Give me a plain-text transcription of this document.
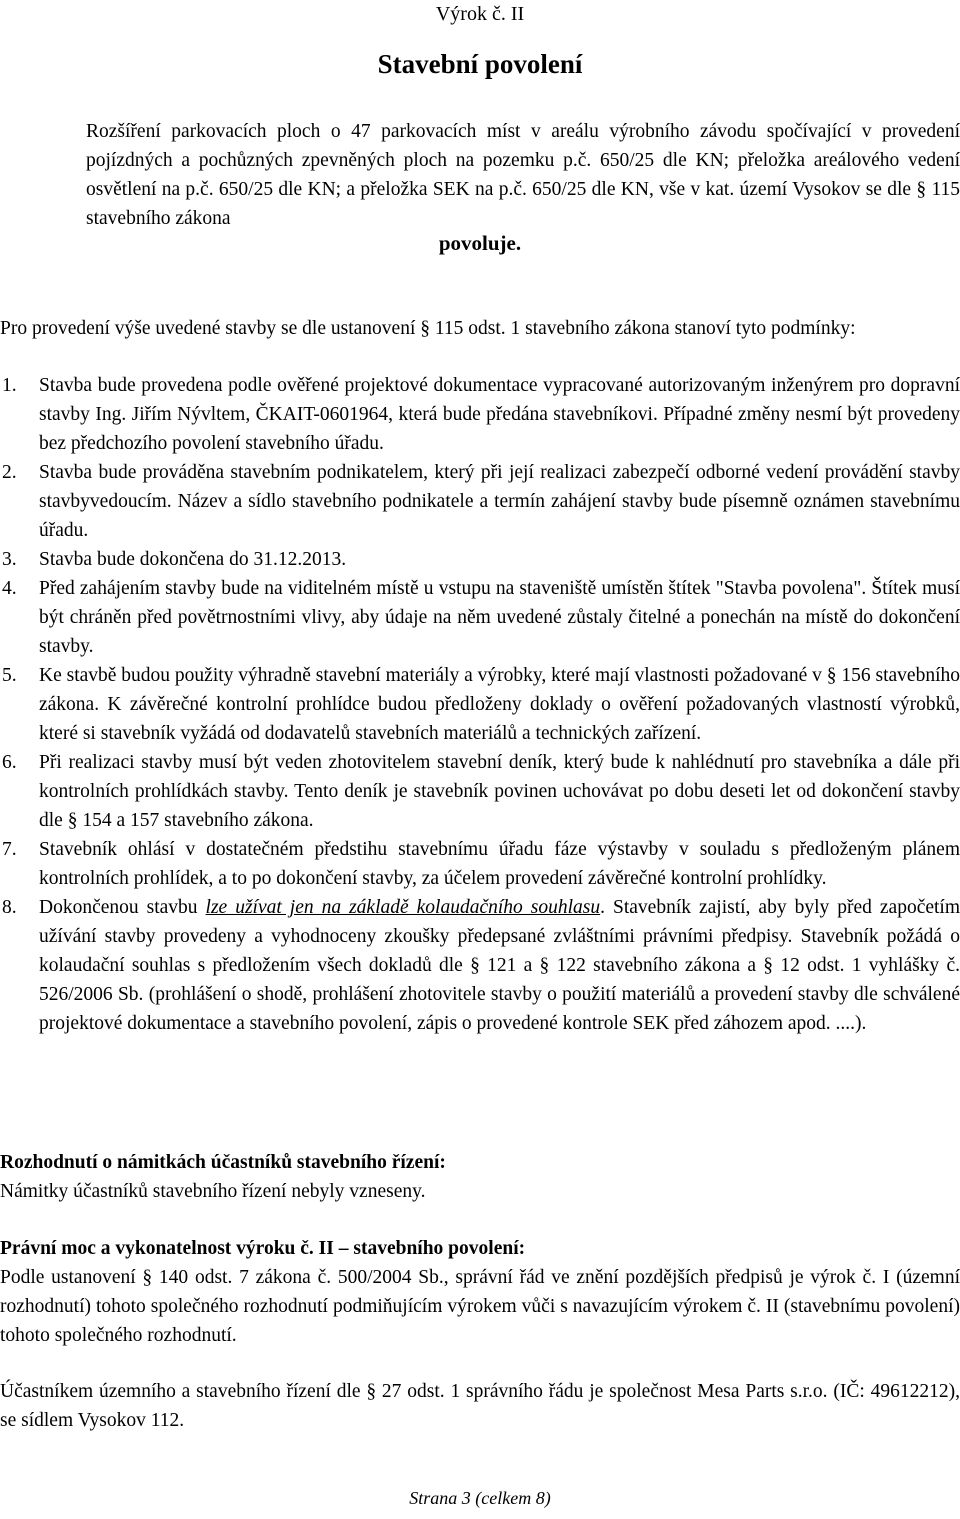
Výrok č. II
Stavební povolení
Rozšíření parkovacích ploch o 47 parkovacích míst v areálu výrobního závodu spočívající v provedení pojízdných a pochůzných zpevněných ploch na pozemku p.č. 650/25 dle KN; přeložka areálového vedení osvětlení na p.č. 650/25 dle KN; a přeložka SEK na p.č. 650/25 dle KN, vše v kat. území Vysokov se dle § 115 stavebního zákona
povoluje.
Pro provedení výše uvedené stavby se dle ustanovení § 115 odst. 1 stavebního zákona stanoví tyto podmínky:
1. Stavba bude provedena podle ověřené projektové dokumentace vypracované autorizovaným inženýrem pro dopravní stavby Ing. Jiřím Nývltem, ČKAIT-0601964, která bude předána stavebníkovi. Případné změny nesmí být provedeny bez předchozího povolení stavebního úřadu.
2. Stavba bude prováděna stavebním podnikatelem, který při její realizaci zabezpečí odborné vedení provádění stavby stavbyvedoucím. Název a sídlo stavebního podnikatele a termín zahájení stavby bude písemně oznámen stavebnímu úřadu.
3. Stavba bude dokončena do 31.12.2013.
4. Před zahájením stavby bude na viditelném místě u vstupu na staveniště umístěn štítek "Stavba povolena". Štítek musí být chráněn před povětrnostními vlivy, aby údaje na něm uvedené zůstaly čitelné a ponechán na místě do dokončení stavby.
5. Ke stavbě budou použity výhradně stavební materiály a výrobky, které mají vlastnosti požadované v § 156 stavebního zákona. K závěrečné kontrolní prohlídce budou předloženy doklady o ověření požadovaných vlastností výrobků, které si stavebník vyžádá od dodavatelů stavebních materiálů a technických zařízení.
6. Při realizaci stavby musí být veden zhotovitelem stavební deník, který bude k nahlédnutí pro stavebníka a dále při kontrolních prohlídkách stavby. Tento deník je stavebník povinen uchovávat po dobu deseti let od dokončení stavby dle § 154 a 157 stavebního zákona.
7. Stavebník ohlásí v dostatečném předstihu stavebnímu úřadu fáze výstavby v souladu s předloženým plánem kontrolních prohlídek, a to po dokončení stavby, za účelem provedení závěrečné kontrolní prohlídky.
8. Dokončenou stavbu lze užívat jen na základě kolaudačního souhlasu. Stavebník zajistí, aby byly před započetím užívání stavby provedeny a vyhodnoceny zkoušky předepsané zvláštními právními předpisy. Stavebník požádá o kolaudační souhlas s předložením všech dokladů dle § 121 a § 122 stavebního zákona a § 12 odst. 1 vyhlášky č. 526/2006 Sb. (prohlášení o shodě, prohlášení zhotovitele stavby o použití materiálů a provedení stavby dle schválené projektové dokumentace a stavebního povolení, zápis o provedené kontrole SEK před záhozem apod. ....).
Rozhodnutí o námitkách účastníků stavebního řízení:
Námitky účastníků stavebního řízení nebyly vzneseny.
Právní moc a vykonatelnost výroku č. II – stavebního povolení:
Podle ustanovení § 140 odst. 7 zákona č. 500/2004 Sb., správní řád ve znění pozdějších předpisů je výrok č. I (územní rozhodnutí) tohoto společného rozhodnutí podmiňujícím výrokem vůči s navazujícím výrokem č. II (stavebnímu povolení) tohoto společného rozhodnutí.
Účastníkem územního a stavebního řízení dle § 27 odst. 1 správního řádu je společnost Mesa Parts s.r.o. (IČ: 49612212), se sídlem Vysokov 112.
Strana 3 (celkem 8)
